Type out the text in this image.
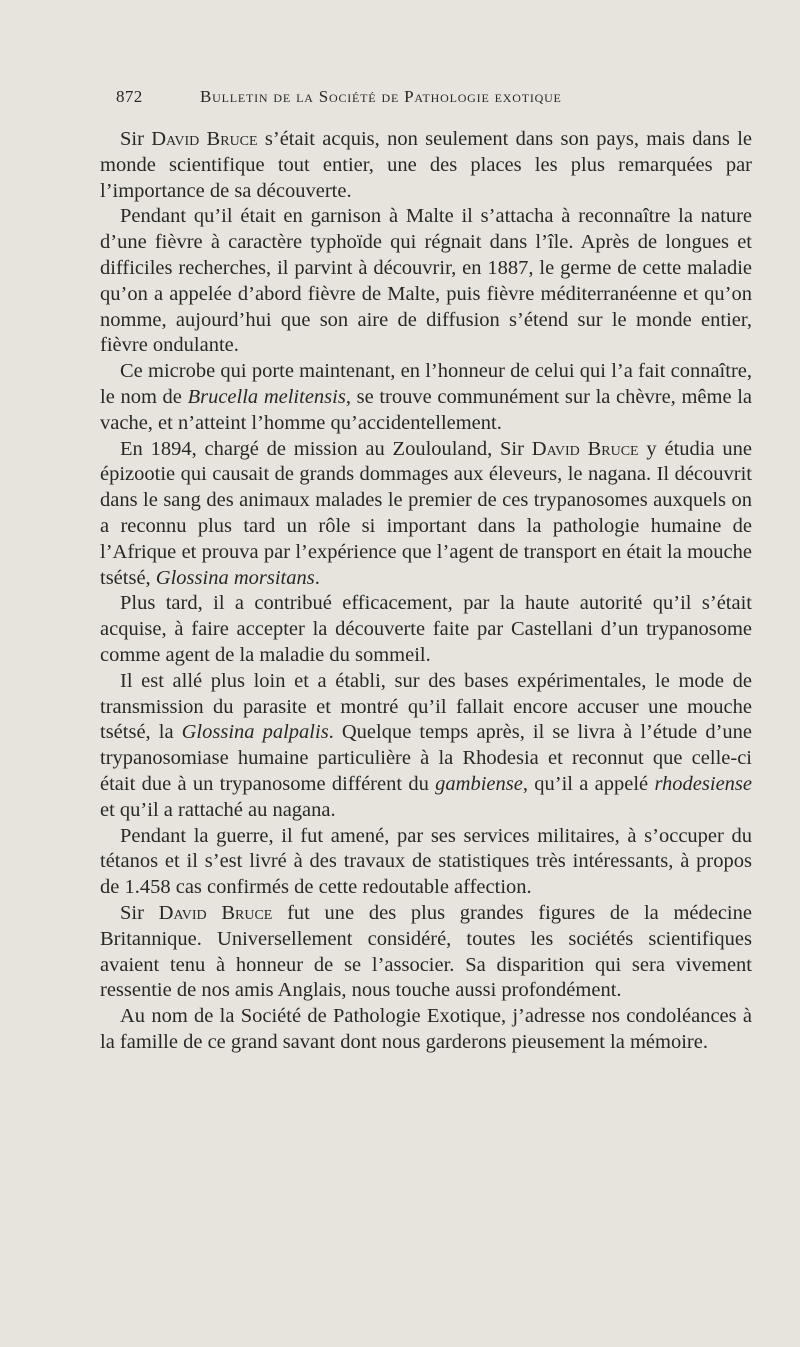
872	Bulletin de la Société de Pathologie exotique

Sir David Bruce s’était acquis, non seulement dans son pays, mais dans le monde scientifique tout entier, une des places les plus remarquées par l’importance de sa découverte.

Pendant qu’il était en garnison à Malte il s’attacha à reconnaître la nature d’une fièvre à caractère typhoïde qui régnait dans l’île. Après de longues et difficiles recherches, il parvint à découvrir, en 1887, le germe de cette maladie qu’on a appelée d’abord fièvre de Malte, puis fièvre méditerranéenne et qu’on nomme, aujourd’hui que son aire de diffusion s’étend sur le monde entier, fièvre ondulante.

Ce microbe qui porte maintenant, en l’honneur de celui qui l’a fait connaître, le nom de Brucella melitensis, se trouve communément sur la chèvre, même la vache, et n’atteint l’homme qu’accidentellement.

En 1894, chargé de mission au Zoulouland, Sir David Bruce y étudia une épizootie qui causait de grands dommages aux éleveurs, le nagana. Il découvrit dans le sang des animaux malades le premier de ces trypanosomes auxquels on a reconnu plus tard un rôle si important dans la pathologie humaine de l’Afrique et prouva par l’expérience que l’agent de transport en était la mouche tsétsé, Glossina morsitans.

Plus tard, il a contribué efficacement, par la haute autorité qu’il s’était acquise, à faire accepter la découverte faite par Castellani d’un trypanosome comme agent de la maladie du sommeil.

Il est allé plus loin et a établi, sur des bases expérimentales, le mode de transmission du parasite et montré qu’il fallait encore accuser une mouche tsétsé, la Glossina palpalis. Quelque temps après, il se livra à l’étude d’une trypanosomiase humaine particulière à la Rhodesia et reconnut que celle-ci était due à un trypanosome différent du gambiense, qu’il a appelé rhodesiense et qu’il a rattaché au nagana.

Pendant la guerre, il fut amené, par ses services militaires, à s’occuper du tétanos et il s’est livré à des travaux de statistiques très intéressants, à propos de 1.458 cas confirmés de cette redoutable affection.

Sir David Bruce fut une des plus grandes figures de la médecine Britannique. Universellement considéré, toutes les sociétés scientifiques avaient tenu à honneur de se l’associer. Sa disparition qui sera vivement ressentie de nos amis Anglais, nous touche aussi profondément.

Au nom de la Société de Pathologie Exotique, j’adresse nos condoléances à la famille de ce grand savant dont nous garderons pieusement la mémoire.
